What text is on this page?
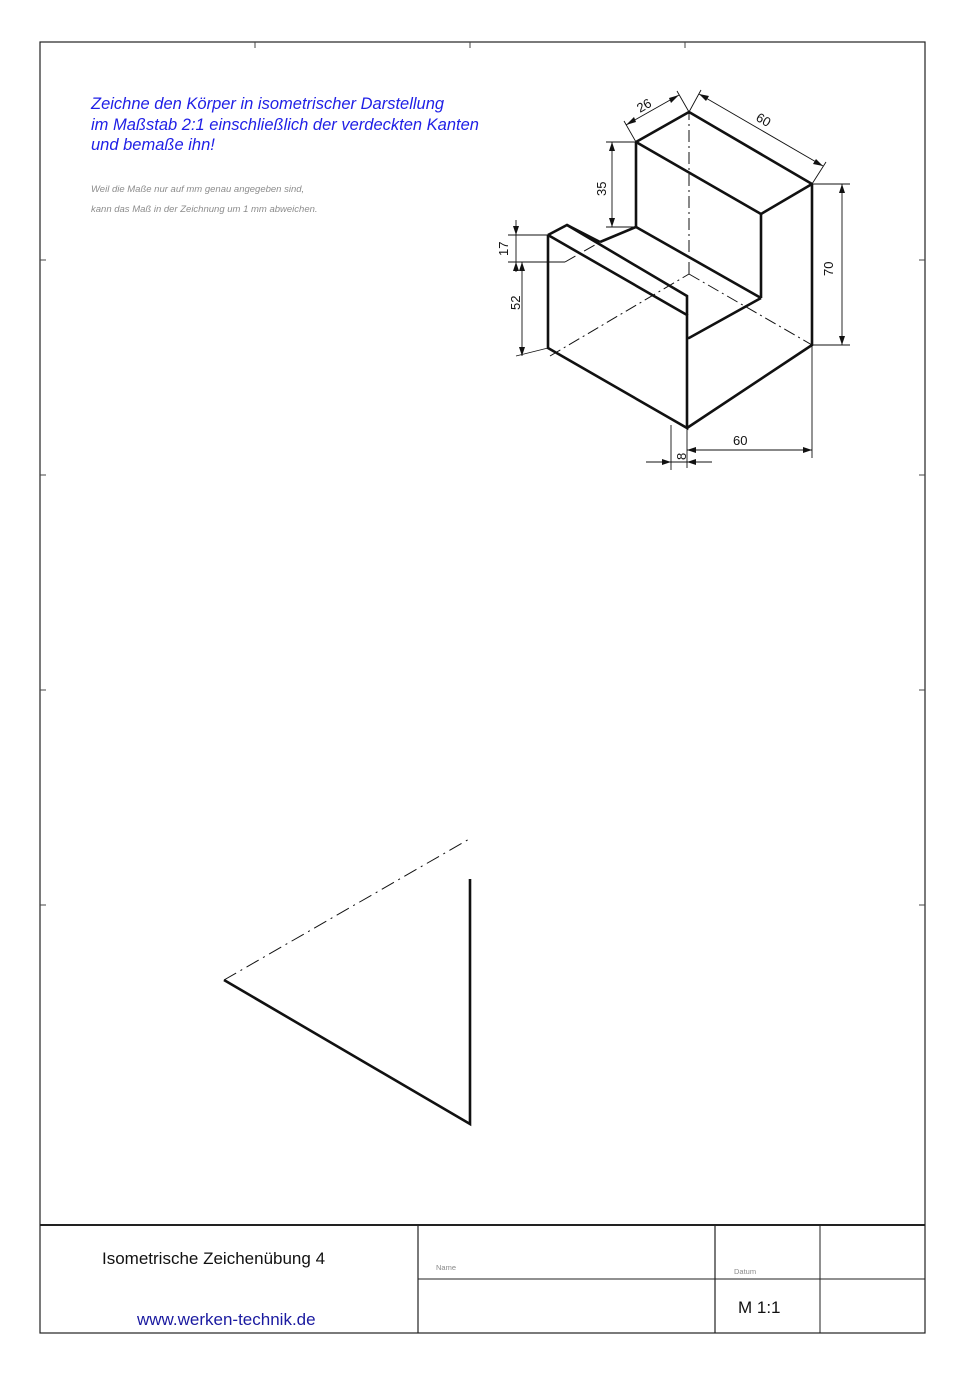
26
60
35
70
17
52
60
8
Zeichne den Körper in isometrischer Darstellung
im Maßstab 2:1 einschließlich der verdeckten Kanten
und bemaße ihn!
Weil die Maße nur auf mm genau angegeben sind,
kann das Maß in der Zeichnung um 1 mm abweichen.
Isometrische Zeichenübung 4
www.werken-technik.de
Name	Datum
M 1:1
